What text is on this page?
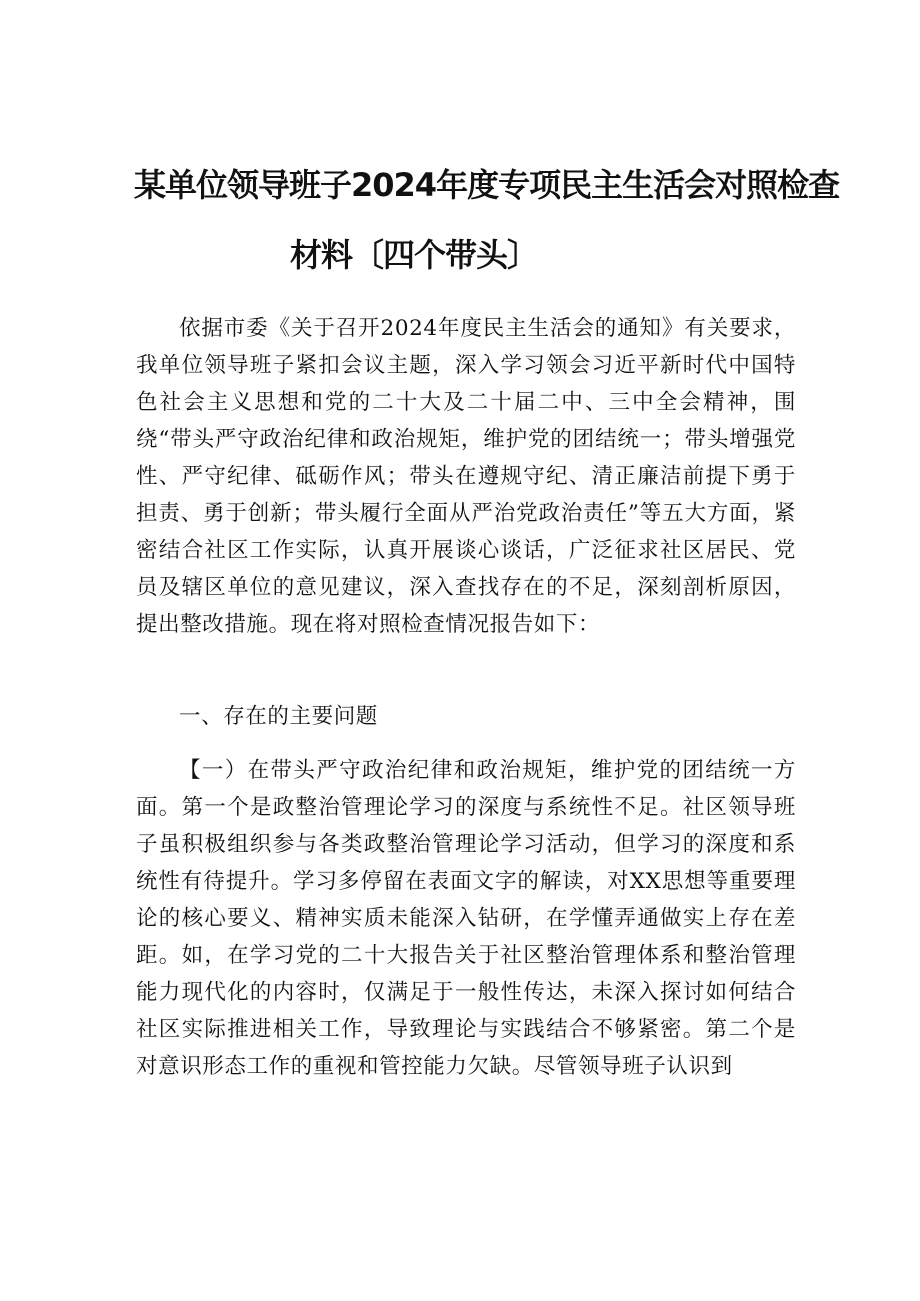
某单位领导班子2024年度专项民主生活会对照检查
材料〔四个带头〕

依据市委《关于召开2024年度民主生活会的通知》有关要求，我单位领导班子紧扣会议主题，深入学习领会习近平新时代中国特色社会主义思想和党的二十大及二十届二中、三中全会精神，围绕“带头严守政治纪律和政治规矩，维护党的团结统一；带头增强党性、严守纪律、砥砺作风；带头在遵规守纪、清正廉洁前提下勇于担责、勇于创新；带头履行全面从严治党政治责任”等五大方面，紧密结合社区工作实际，认真开展谈心谈话，广泛征求社区居民、党员及辖区单位的意见建议，深入查找存在的不足，深刻剖析原因，提出整改措施。现在将对照检查情况报告如下：

一、存在的主要问题

【一）在带头严守政治纪律和政治规矩，维护党的团结统一方面。第一个是政整治管理论学习的深度与系统性不足。社区领导班子虽积极组织参与各类政整治管理论学习活动，但学习的深度和系统性有待提升。学习多停留在表面文字的解读，对XX思想等重要理论的核心要义、精神实质未能深入钻研，在学懂弄通做实上存在差距。如，在学习党的二十大报告关于社区整治管理体系和整治管理能力现代化的内容时，仅满足于一般性传达，未深入探讨如何结合社区实际推进相关工作，导致理论与实践结合不够紧密。第二个是对意识形态工作的重视和管控能力欠缺。尽管领导班子认识到
